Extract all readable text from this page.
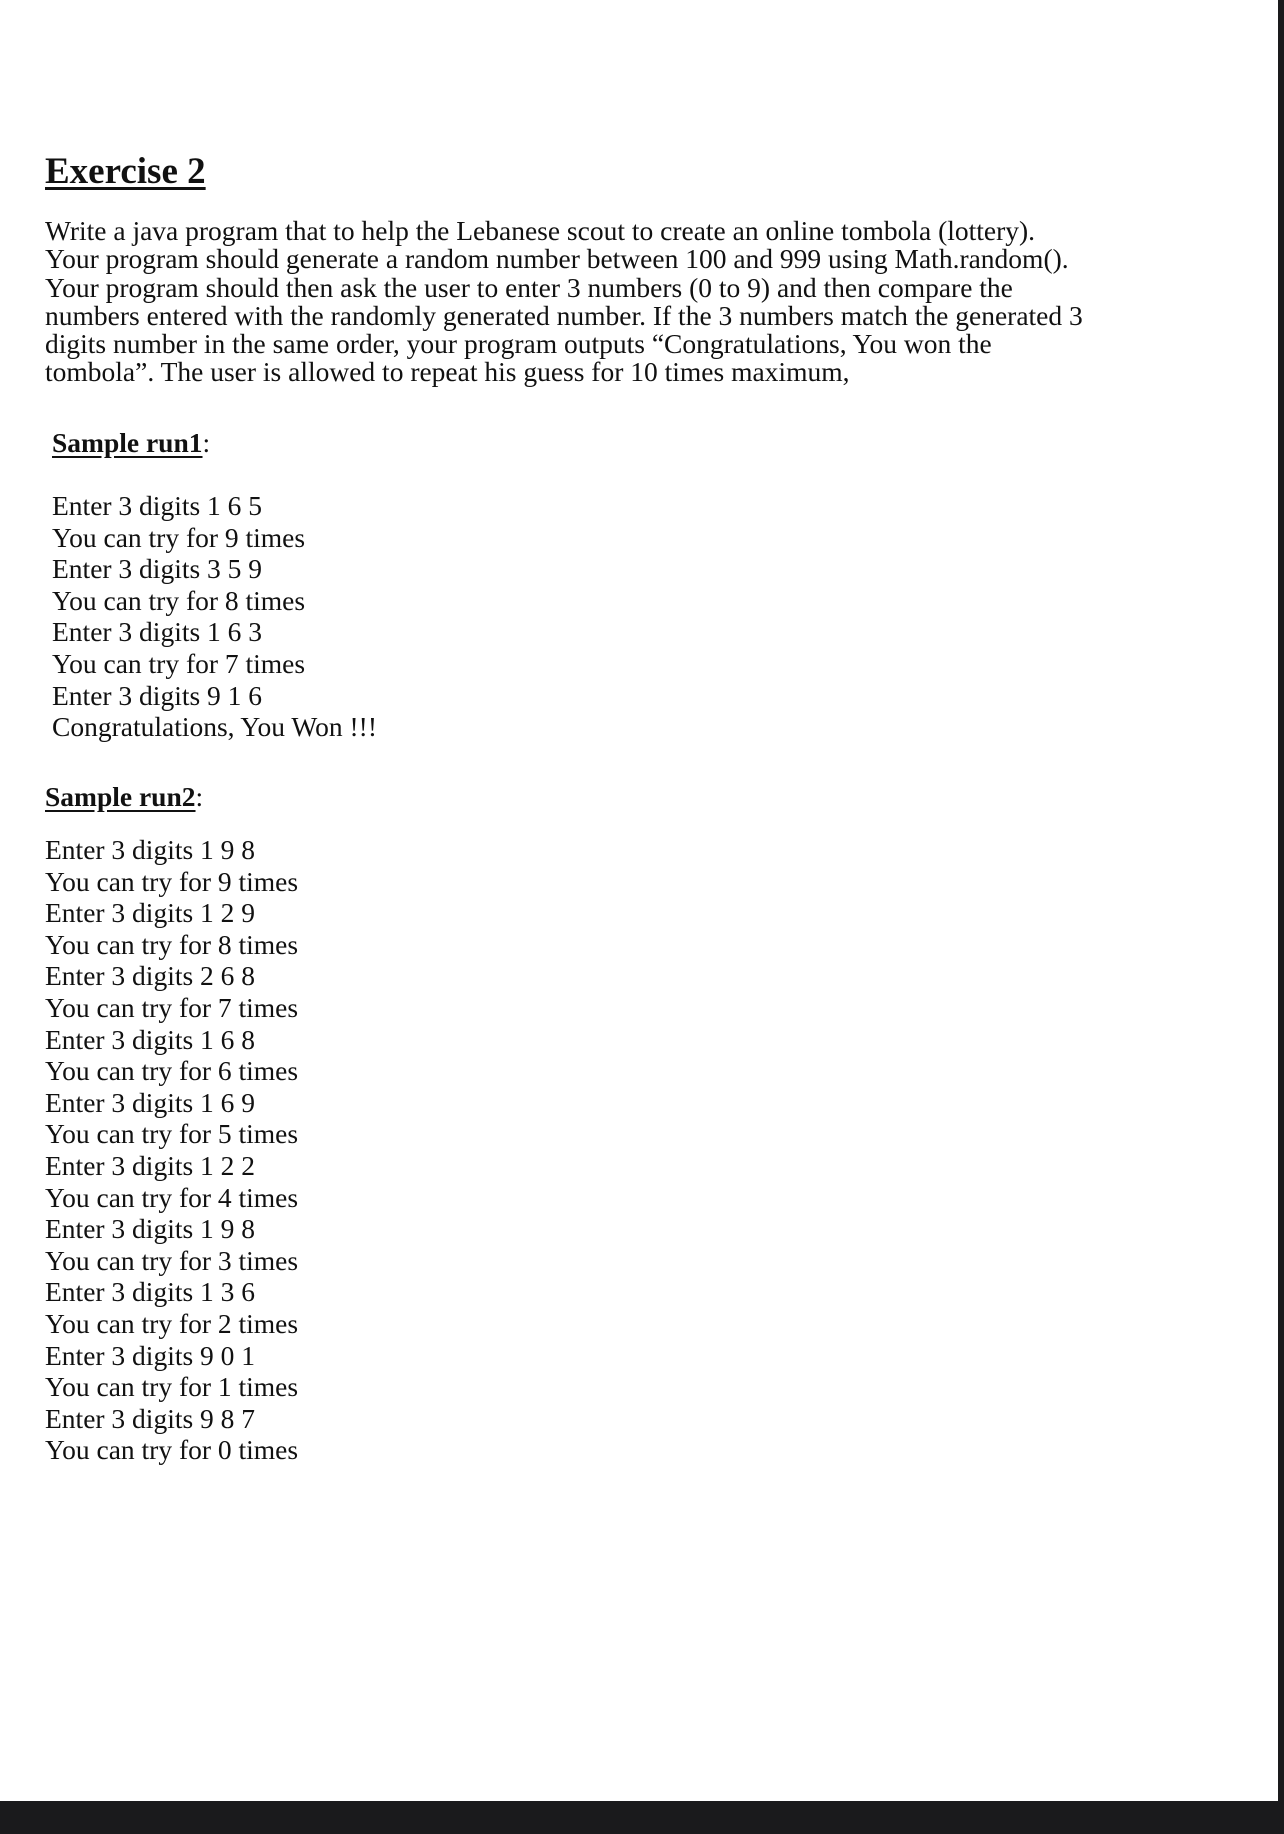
Exercise 2
Write a java program that to help the Lebanese scout to create an online tombola (lottery).
Your program should generate a random number between 100 and 999 using Math.random().
Your program should then ask the user to enter 3 numbers (0 to 9) and then compare the
numbers entered with the randomly generated number. If the 3 numbers match the generated 3
digits number in the same order, your program outputs “Congratulations, You won the
tombola”. The user is allowed to repeat his guess for 10 times maximum,
Sample run1:
Enter 3 digits 1 6 5
You can try for 9 times
Enter 3 digits 3 5 9
You can try for 8 times
Enter 3 digits 1 6 3
You can try for 7 times
Enter 3 digits 9 1 6
Congratulations, You Won !!!
Sample run2:
Enter 3 digits 1 9 8
You can try for 9 times
Enter 3 digits 1 2 9
You can try for 8 times
Enter 3 digits 2 6 8
You can try for 7 times
Enter 3 digits 1 6 8
You can try for 6 times
Enter 3 digits 1 6 9
You can try for 5 times
Enter 3 digits 1 2 2
You can try for 4 times
Enter 3 digits 1 9 8
You can try for 3 times
Enter 3 digits 1 3 6
You can try for 2 times
Enter 3 digits 9 0 1
You can try for 1 times
Enter 3 digits 9 8 7
You can try for 0 times
